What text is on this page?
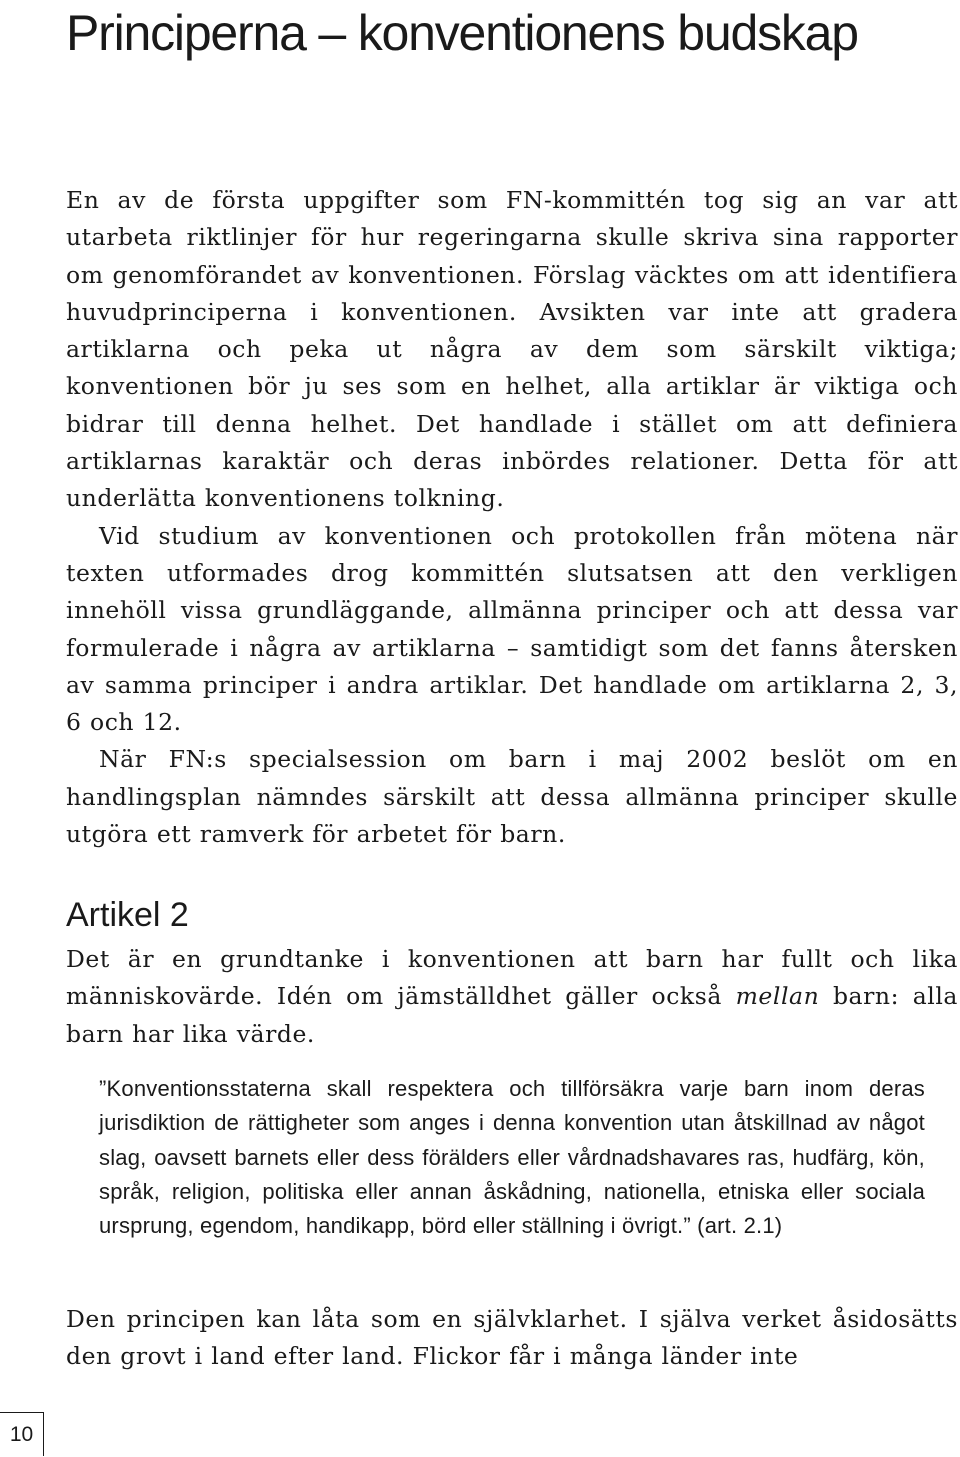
Principerna – konventionens budskap

En av de första uppgifter som FN-kommittén tog sig an var att utarbeta riktlinjer för hur regeringarna skulle skriva sina rapporter om genomförandet av konventionen. Förslag väcktes om att identifiera huvudprinciperna i konventionen. Avsikten var inte att gradera artiklarna och peka ut några av dem som särskilt viktiga; konventionen bör ju ses som en helhet, alla artiklar är viktiga och bidrar till denna helhet. Det handlade i stället om att definiera artiklarnas karaktär och deras inbördes relationer. Detta för att underlätta konventionens tolkning.

Vid studium av konventionen och protokollen från mötena när texten utformades drog kommittén slutsatsen att den verkligen innehöll vissa grundläggande, allmänna principer och att dessa var formulerade i några av artiklarna – samtidigt som det fanns återsken av samma principer i andra artiklar. Det handlade om artiklarna 2, 3, 6 och 12.

När FN:s specialsession om barn i maj 2002 beslöt om en handlingsplan nämndes särskilt att dessa allmänna principer skulle utgöra ett ramverk för arbetet för barn.

Artikel 2

Det är en grundtanke i konventionen att barn har fullt och lika människovärde. Idén om jämställdhet gäller också mellan barn: alla barn har lika värde.

”Konventionsstaterna skall respektera och tillförsäkra varje barn inom deras jurisdiktion de rättigheter som anges i denna konvention utan åtskillnad av något slag, oavsett barnets eller dess förälders eller vårdnadshavares ras, hudfärg, kön, språk, religion, politiska eller annan åskådning, nationella, etniska eller sociala ursprung, egendom, handikapp, börd eller ställning i övrigt.” (art. 2.1)

Den principen kan låta som en självklarhet. I själva verket åsidosätts den grovt i land efter land. Flickor får i många länder inte

10
